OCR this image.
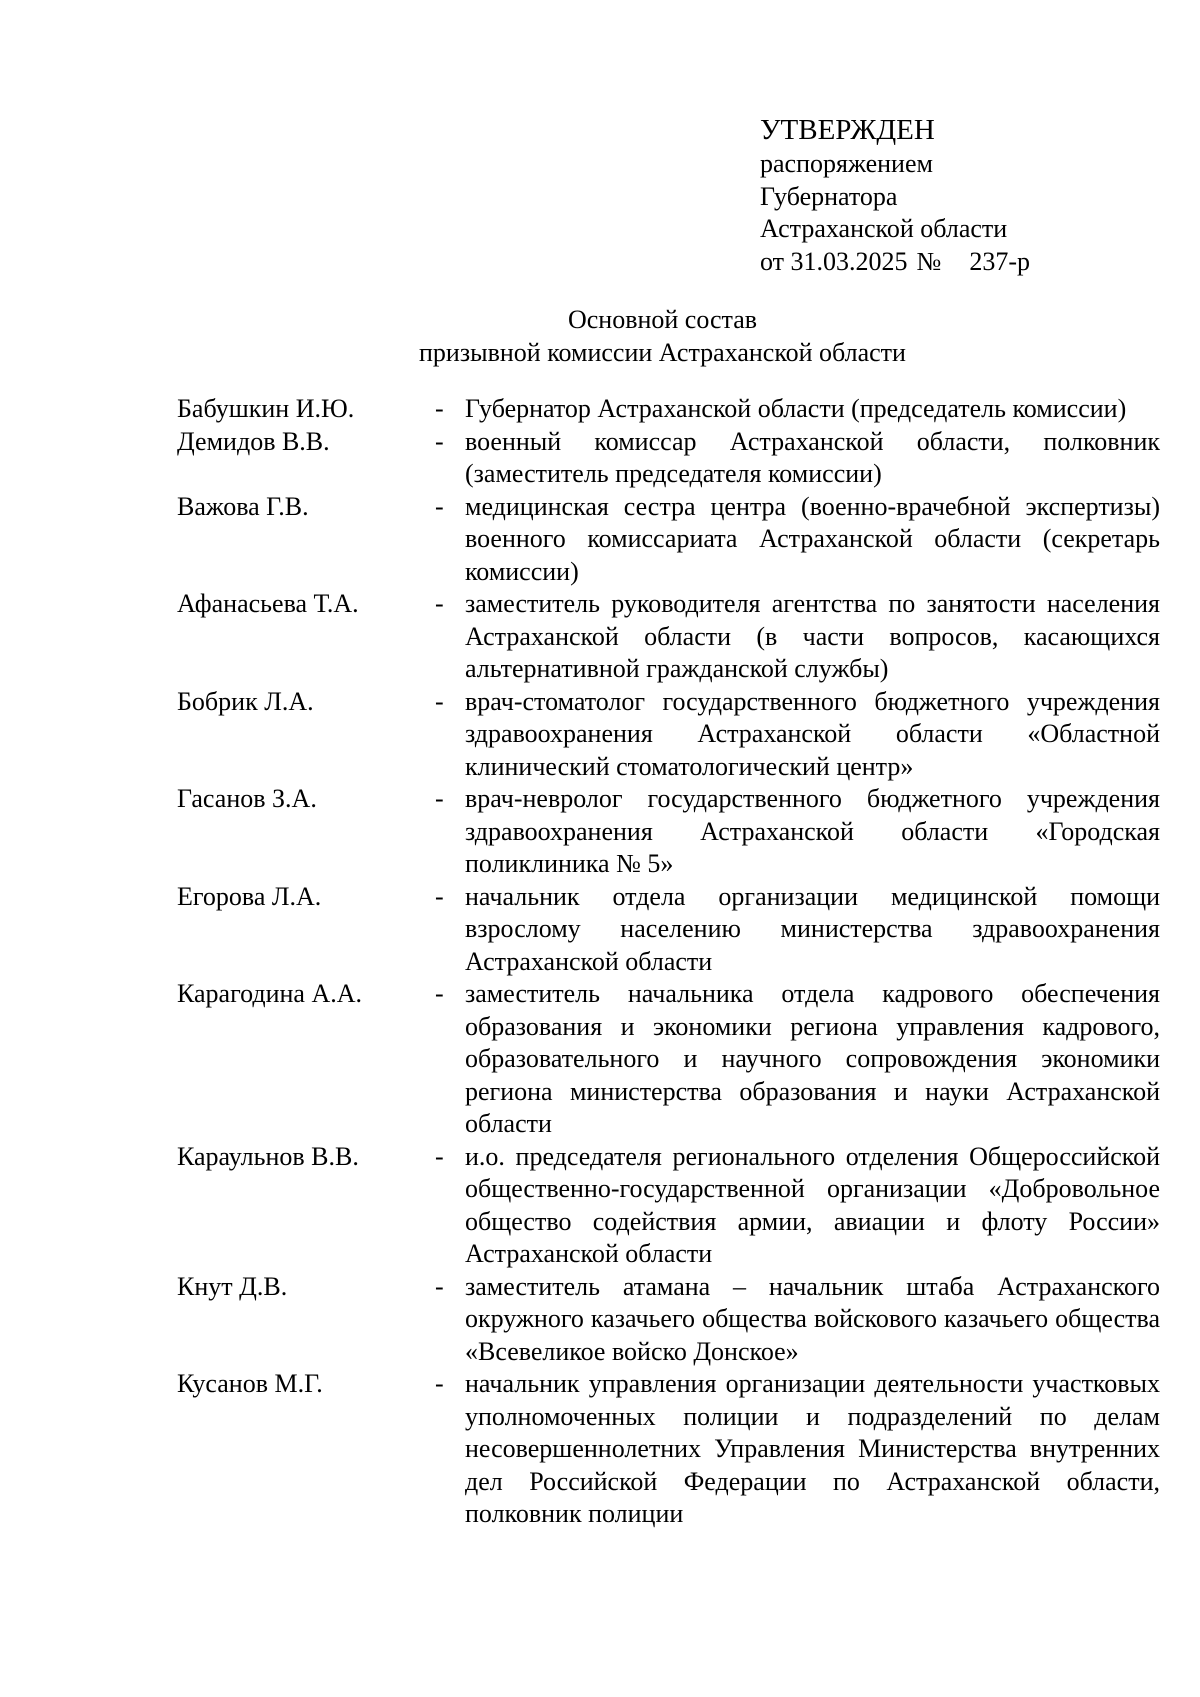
УТВЕРЖДЕН
распоряжением
Губернатора
Астраханской области
от 31.03.2025 № 237-р
Основной состав
призывной комиссии Астраханской области
Бабушкин И.Ю.	- Губернатор Астраханской области (председатель комиссии)
Демидов В.В.	- военный комиссар Астраханской области, полковник (заместитель председателя комиссии)
Важова Г.В.	- медицинская сестра центра (военно-врачебной экспертизы) военного комиссариата Астраханской области (секретарь комиссии)
Афанасьева Т.А.	- заместитель руководителя агентства по занятости населения Астраханской области (в части вопросов, касающихся альтернативной гражданской службы)
Бобрик Л.А.	- врач-стоматолог государственного бюджетного учреждения здравоохранения Астраханской области «Областной клинический стоматологический центр»
Гасанов З.А.	- врач-невролог государственного бюджетного учреждения здравоохранения Астраханской области «Городская поликлиника № 5»
Егорова Л.А.	- начальник отдела организации медицинской помощи взрослому населению министерства здравоохранения Астраханской области
Карагодина А.А.	- заместитель начальника отдела кадрового обеспечения образования и экономики региона управления кадрового, образовательного и научного сопровождения экономики региона министерства образования и науки Астраханской области
Караульнов В.В.	- и.о. председателя регионального отделения Общероссийской общественно-государственной организации «Добровольное общество содействия армии, авиации и флоту России» Астраханской области
Кнут Д.В.	- заместитель атамана – начальник штаба Астраханского окружного казачьего общества войскового казачьего общества «Всевеликое войско Донское»
Кусанов М.Г.	- начальник управления организации деятельности участковых уполномоченных полиции и подразделений по делам несовершеннолетних Управления Министерства внутренних дел Российской Федерации по Астраханской области, полковник полиции
